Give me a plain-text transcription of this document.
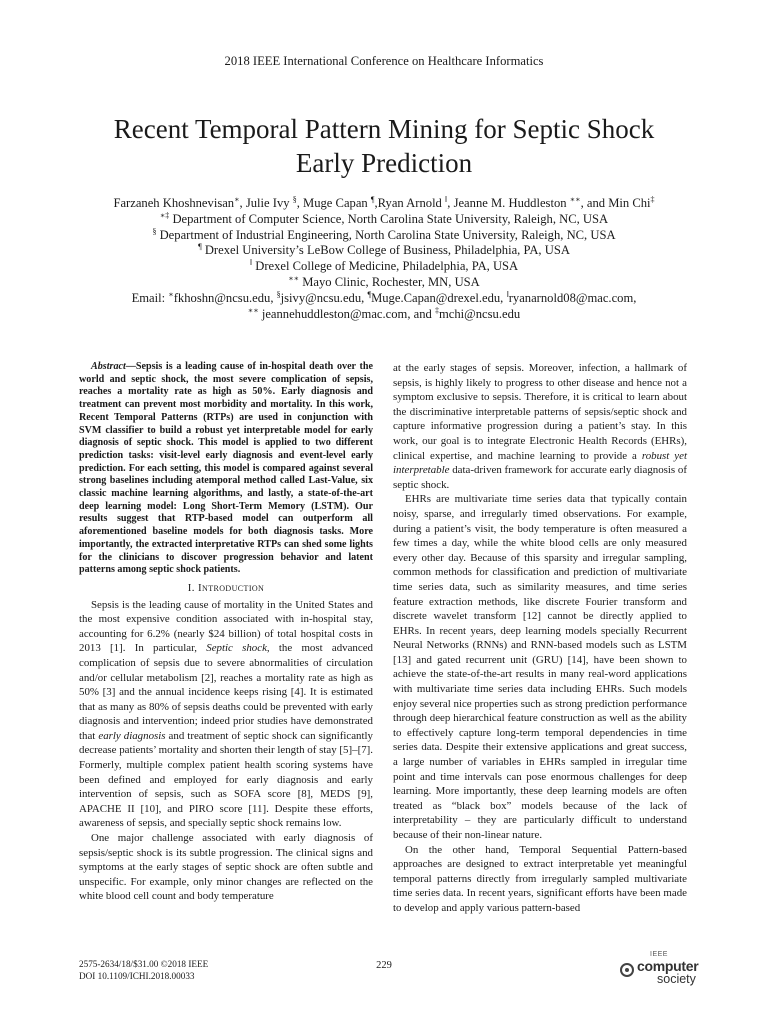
2018 IEEE International Conference on Healthcare Informatics
Recent Temporal Pattern Mining for Septic Shock
Early Prediction
Farzaneh Khoshnevisan∗, Julie Ivy §, Muge Capan ¶,Ryan Arnold ‖, Jeanne M. Huddleston ∗∗, and Min Chi‡
∗‡ Department of Computer Science, North Carolina State University, Raleigh, NC, USA
§ Department of Industrial Engineering, North Carolina State University, Raleigh, NC, USA
¶ Drexel University’s LeBow College of Business, Philadelphia, PA, USA
‖ Drexel College of Medicine, Philadelphia, PA, USA
∗∗ Mayo Clinic, Rochester, MN, USA
Email: ∗fkhoshn@ncsu.edu, §jsivy@ncsu.edu, ¶Muge.Capan@drexel.edu, ‖ryanarnold08@mac.com,
∗∗ jeannehuddleston@mac.com, and ‡mchi@ncsu.edu

Abstract—Sepsis is a leading cause of in-hospital death over the world and septic shock, the most severe complication of sepsis, reaches a mortality rate as high as 50%. Early diagnosis and treatment can prevent most morbidity and mortality. In this work, Recent Temporal Patterns (RTPs) are used in conjunction with SVM classifier to build a robust yet interpretable model for early diagnosis of septic shock. This model is applied to two different prediction tasks: visit-level early diagnosis and event-level early prediction. For each setting, this model is compared against several strong baselines including atemporal method called Last-Value, six classic machine learning algorithms, and lastly, a state-of-the-art deep learning model: Long Short-Term Memory (LSTM). Our results suggest that RTP-based model can outperform all aforementioned baseline models for both diagnosis tasks. More importantly, the extracted interpretative RTPs can shed some lights for the clinicians to discover progression behavior and latent patterns among septic shock patients.

I. Introduction

Sepsis is the leading cause of mortality in the United States and the most expensive condition associated with in-hospital stay, accounting for 6.2% (nearly $24 billion) of total hospital costs in 2013 [1]. In particular, Septic shock, the most advanced complication of sepsis due to severe abnormalities of circulation and/or cellular metabolism [2], reaches a mortality rate as high as 50% [3] and the annual incidence keeps rising [4]. It is estimated that as many as 80% of sepsis deaths could be prevented with early diagnosis and intervention; indeed prior studies have demonstrated that early diagnosis and treatment of septic shock can significantly decrease patients’ mortality and shorten their length of stay [5]–[7]. Formerly, multiple complex patient health scoring systems have been defined and employed for early diagnosis and early intervention of sepsis, such as SOFA score [8], MEDS [9], APACHE II [10], and PIRO score [11]. Despite these efforts, awareness of sepsis, and specially septic shock remains low.

One major challenge associated with early diagnosis of sepsis/septic shock is its subtle progression. The clinical signs and symptoms at the early stages of septic shock are often subtle and unspecific. For example, only minor changes are reflected on the white blood cell count and body temperature

at the early stages of sepsis. Moreover, infection, a hallmark of sepsis, is highly likely to progress to other disease and hence not a symptom exclusive to sepsis. Therefore, it is critical to learn about the discriminative interpretable patterns of sepsis/septic shock and capture informative progression during a patient’s stay. In this work, our goal is to integrate Electronic Health Records (EHRs), clinical expertise, and machine learning to provide a robust yet interpretable data-driven framework for accurate early diagnosis of septic shock.

EHRs are multivariate time series data that typically contain noisy, sparse, and irregularly timed observations. For example, during a patient’s visit, the body temperature is often measured a few times a day, while the white blood cells are only measured every other day. Because of this sparsity and irregular sampling, common methods for classification and prediction of multivariate time series data, such as similarity measures, and time series feature extraction methods, like discrete Fourier transform and discrete wavelet transform [12] cannot be directly applied to EHRs. In recent years, deep learning models specially Recurrent Neural Networks (RNNs) and RNN-based models such as LSTM [13] and gated recurrent unit (GRU) [14], have been shown to achieve the state-of-the-art results in many real-word applications with multivariate time series data including EHRs. Such models enjoy several nice properties such as strong prediction performance through deep hierarchical feature construction as well as the ability to effectively capture long-term temporal dependencies in time series data. Despite their extensive applications and great success, a large number of variables in EHRs sampled in irregular time point and time intervals can pose enormous challenges for deep learning. More importantly, these deep learning models are often treated as “black box” models because of the lack of interpretability – they are particularly difficult to understand because of their non-linear nature.

On the other hand, Temporal Sequential Pattern-based approaches are designed to extract interpretable yet meaningful temporal patterns directly from irregularly sampled multivariate time series data. In recent years, significant efforts have been made to develop and apply various pattern-based

2575-2634/18/$31.00 ©2018 IEEE
DOI 10.1109/ICHI.2018.00033
229
IEEE
computer
society
